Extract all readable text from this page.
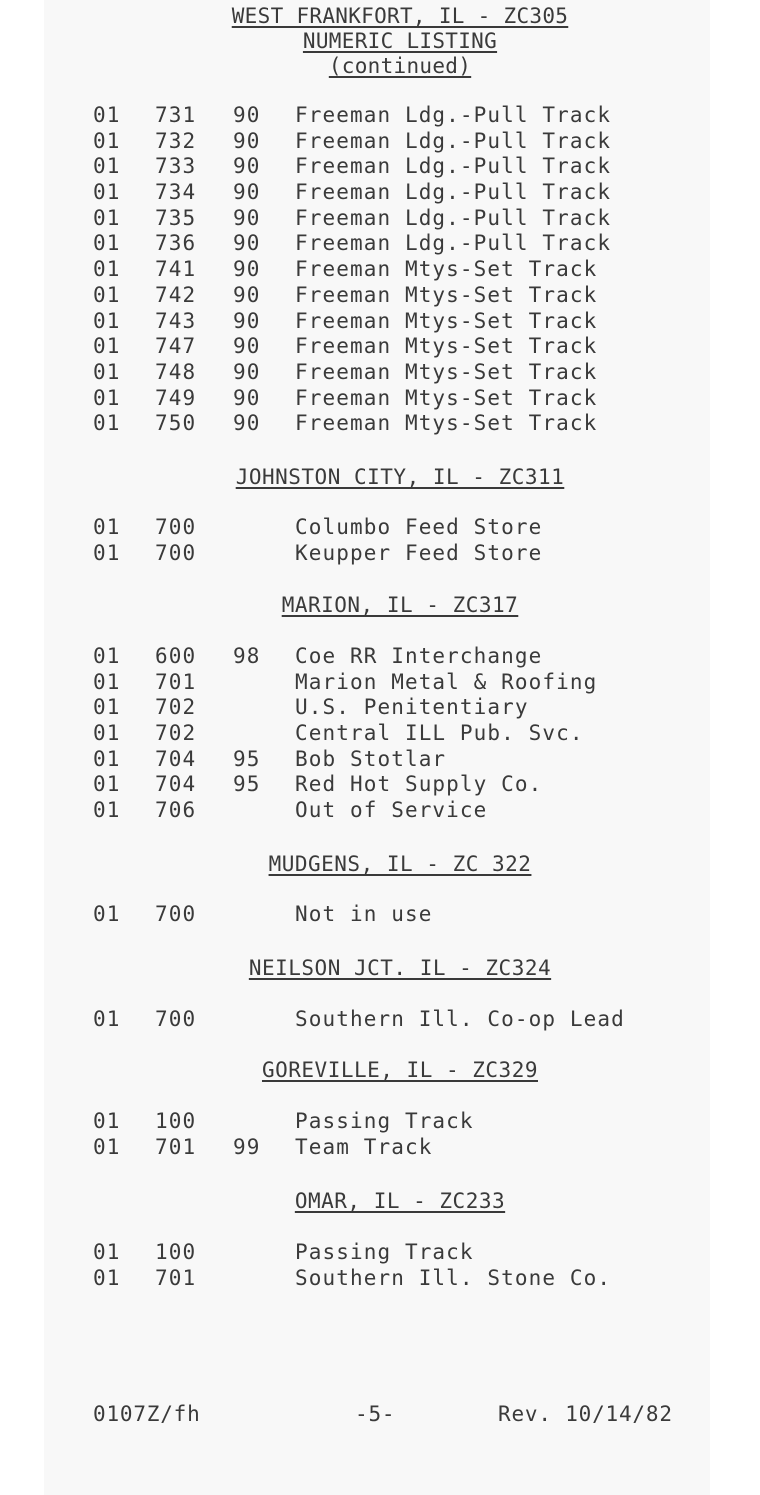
WEST FRANKFORT, IL - ZC305
NUMERIC LISTING
(continued)
01 731 90 Freeman Ldg.-Pull Track
01 732 90 Freeman Ldg.-Pull Track
01 733 90 Freeman Ldg.-Pull Track
01 734 90 Freeman Ldg.-Pull Track
01 735 90 Freeman Ldg.-Pull Track
01 736 90 Freeman Ldg.-Pull Track
01 741 90 Freeman Mtys-Set Track
01 742 90 Freeman Mtys-Set Track
01 743 90 Freeman Mtys-Set Track
01 747 90 Freeman Mtys-Set Track
01 748 90 Freeman Mtys-Set Track
01 749 90 Freeman Mtys-Set Track
01 750 90 Freeman Mtys-Set Track
JOHNSTON CITY, IL - ZC311
01 700	Columbo Feed Store
01 700	Keupper Feed Store
MARION, IL - ZC317
01 600 98 Coe RR Interchange
01 701	Marion Metal & Roofing
01 702	U.S. Penitentiary
01 702	Central ILL Pub. Svc.
01 704 95 Bob Stotlar
01 704 95 Red Hot Supply Co.
01 706	Out of Service
MUDGENS, IL - ZC 322
01 700	Not in use
NEILSON JCT. IL - ZC324
01 700	Southern Ill. Co-op Lead
GOREVILLE, IL - ZC329
01 100	Passing Track
01 701 99 Team Track
OMAR, IL - ZC233
01 100	Passing Track
01 701	Southern Ill. Stone Co.
0107Z/fh	-5-	Rev. 10/14/82
